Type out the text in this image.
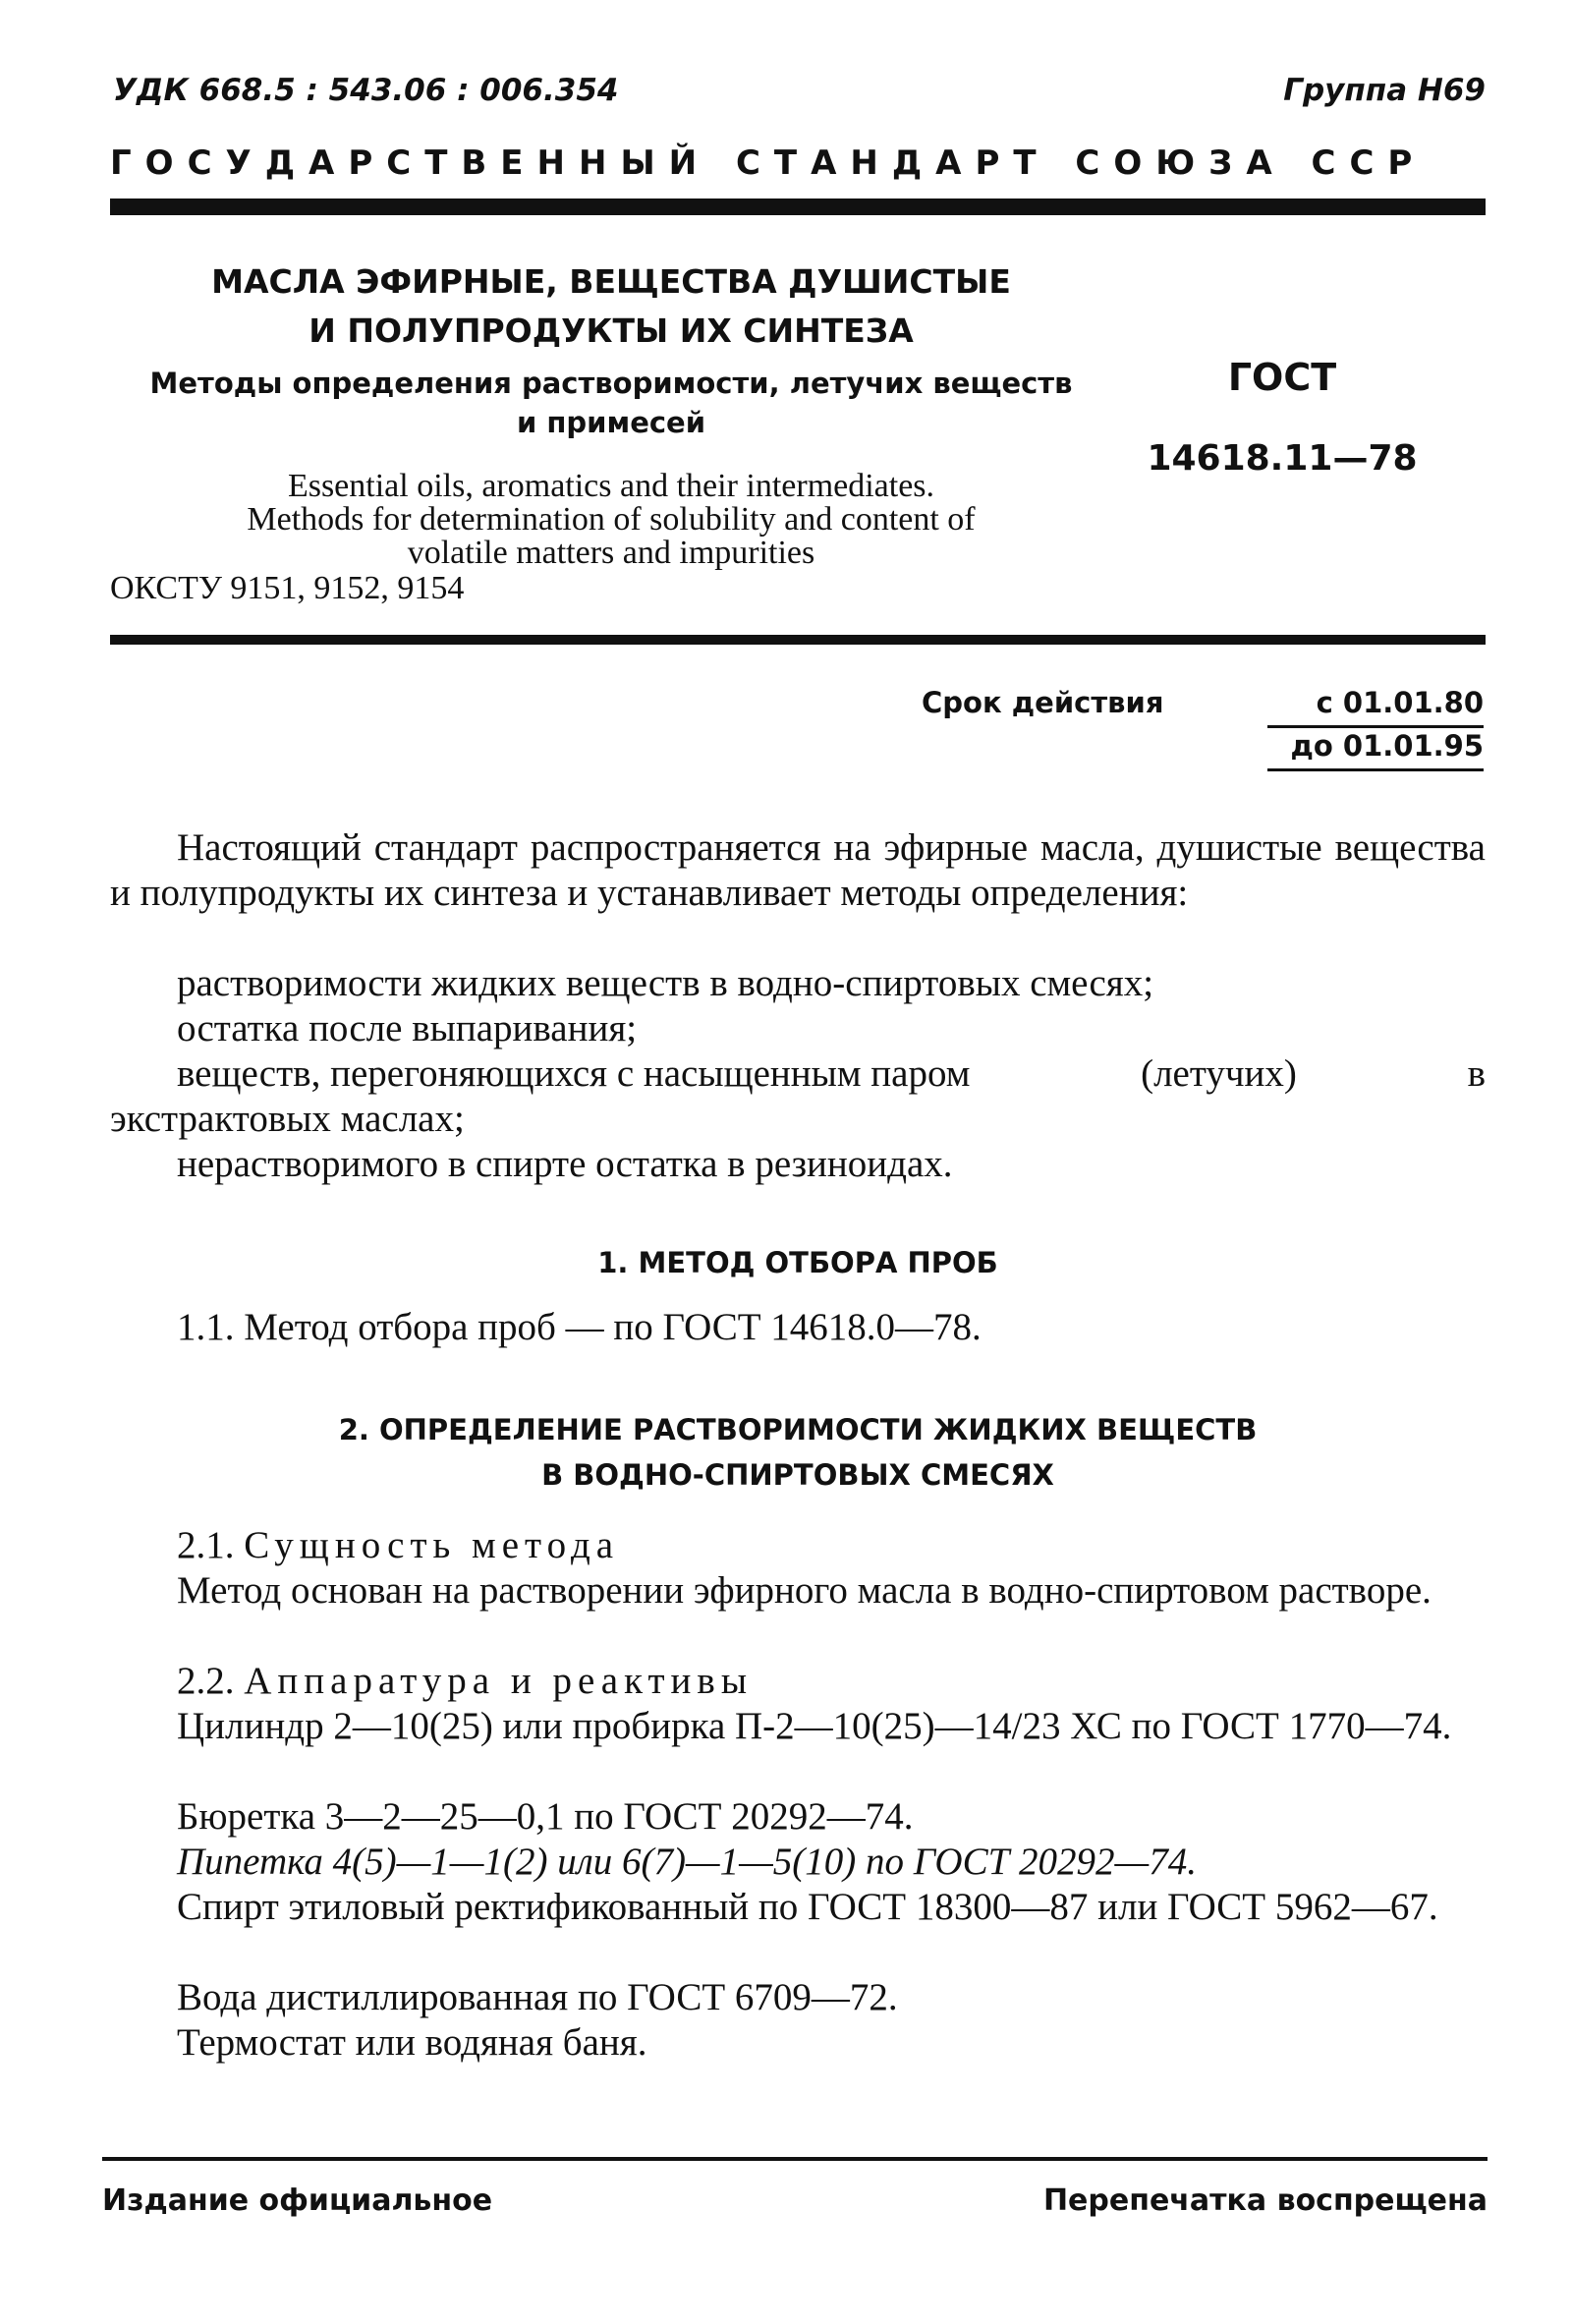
УДК 668.5 : 543.06 : 006.354	Группа Н69
ГОСУДАРСТВЕННЫЙ СТАНДАРТ СОЮЗА ССР
МАСЛА ЭФИРНЫЕ, ВЕЩЕСТВА ДУШИСТЫЕ
И ПОЛУПРОДУКТЫ ИХ СИНТЕЗА
Методы определения растворимости, летучих веществ
и примесей
Essential oils, aromatics and their intermediates.
Methods for determination of solubility and content of
volatile matters and impurities
ОКСТУ 9151, 9152, 9154
ГОСТ
14618.11—78
Срок действия	с 01.01.80
до 01.01.95
Настоящий стандарт распространяется на эфирные масла, душистые вещества и полупродукты их синтеза и устанавливает методы определения:
растворимости жидких веществ в водно-спиртовых смесях;
остатка после выпаривания;
веществ, перегоняющихся с насыщенным паром	(летучих)	в
экстрактовых маслах;
нерастворимого в спирте остатка в резиноидах.
1. МЕТОД ОТБОРА ПРОБ
1.1. Метод отбора проб — по ГОСТ 14618.0—78.
2. ОПРЕДЕЛЕНИЕ РАСТВОРИМОСТИ ЖИДКИХ ВЕЩЕСТВ
В ВОДНО-СПИРТОВЫХ СМЕСЯХ
2.1. Сущность метода
Метод основан на растворении эфирного масла в водно-спиртовом растворе.
2.2. Аппаратура и реактивы
Цилиндр 2—10(25) или пробирка П-2—10(25)—14/23 ХС по ГОСТ 1770—74.
Бюретка 3—2—25—0,1 по ГОСТ 20292—74.
Пипетка 4(5)—1—1(2) или 6(7)—1—5(10) по ГОСТ 20292—74.
Спирт этиловый ректификованный по ГОСТ 18300—87 или ГОСТ 5962—67.
Вода дистиллированная по ГОСТ 6709—72.
Термостат или водяная баня.
Издание официальное	Перепечатка воспрещена
